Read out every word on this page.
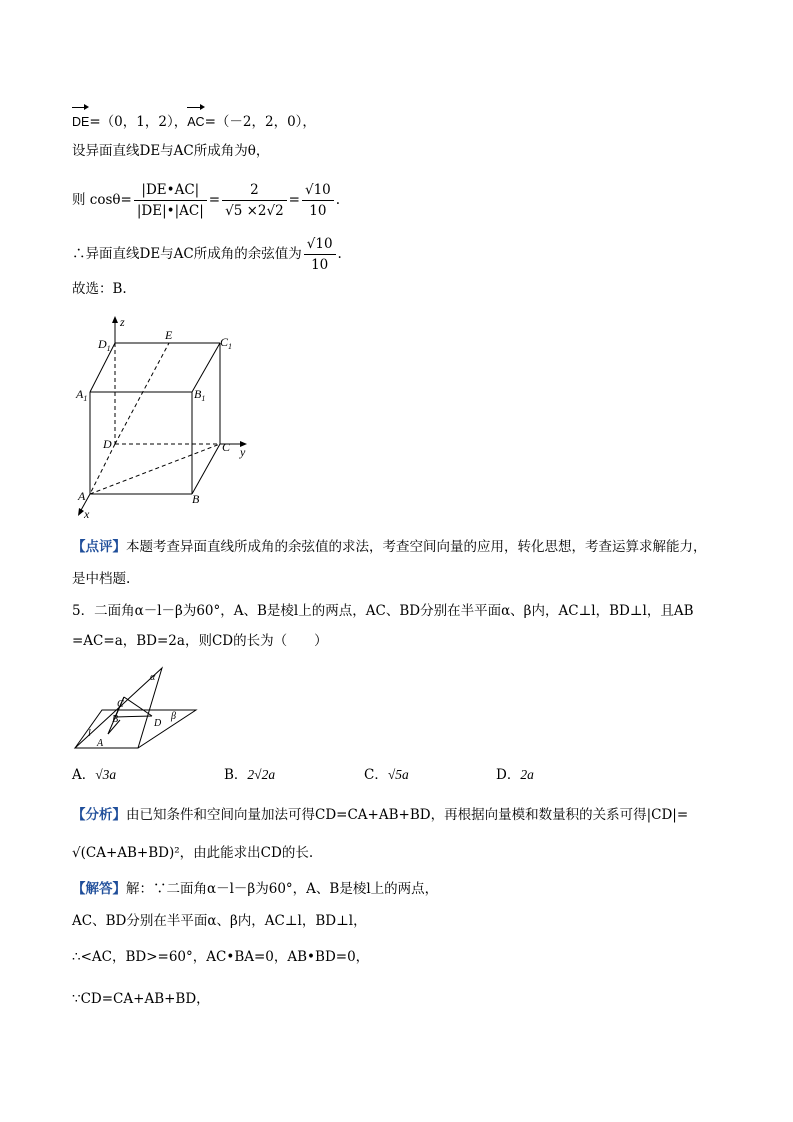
DE=（0，1，2），AC=（－2，2，0），
设异面直线DE与AC所成角为θ，
则 $\cos\theta= \frac{|DE•AC|}{|DE|•|AC|} = \frac{2}{√5 \times 2√2} = \frac{√10}{10}$ .
∴异面直线DE与AC所成角的余弦值为 $\frac{√10}{10}$ .
故选：B.
z
E
$D_1$	$C_1$
$A_1$	$B_1$
D	C y
A	B
x
【点评】本题考查异面直线所成角的余弦值的求法，考查空间向量的应用，转化思想，考查运算求解能力，
是中档题.
5．二面角α－l－β为60°，A、B是棱l上的两点，AC、BD分别在半平面α、β内，AC⊥l，BD⊥l，且AB
=AC=a，BD=2a，则CD的长为（　　）
α
β
C
B	D
l
A
A．√3a	B．2√2a	C．√5a	D．2a
【分析】由已知条件和空间向量加法可得CD=CA+AB+BD，再根据向量模和数量积的关系可得|CD|=
√(CA+AB+BD)²，由此能求出CD的长.
【解答】解：∵二面角α－l－β为60°，A、B是棱l上的两点，
AC、BD分别在半平面α、β内，AC⊥l，BD⊥l，
∴<AC，BD>=60°，AC•BA=0，AB•BD=0，
∵CD=CA+AB+BD，
